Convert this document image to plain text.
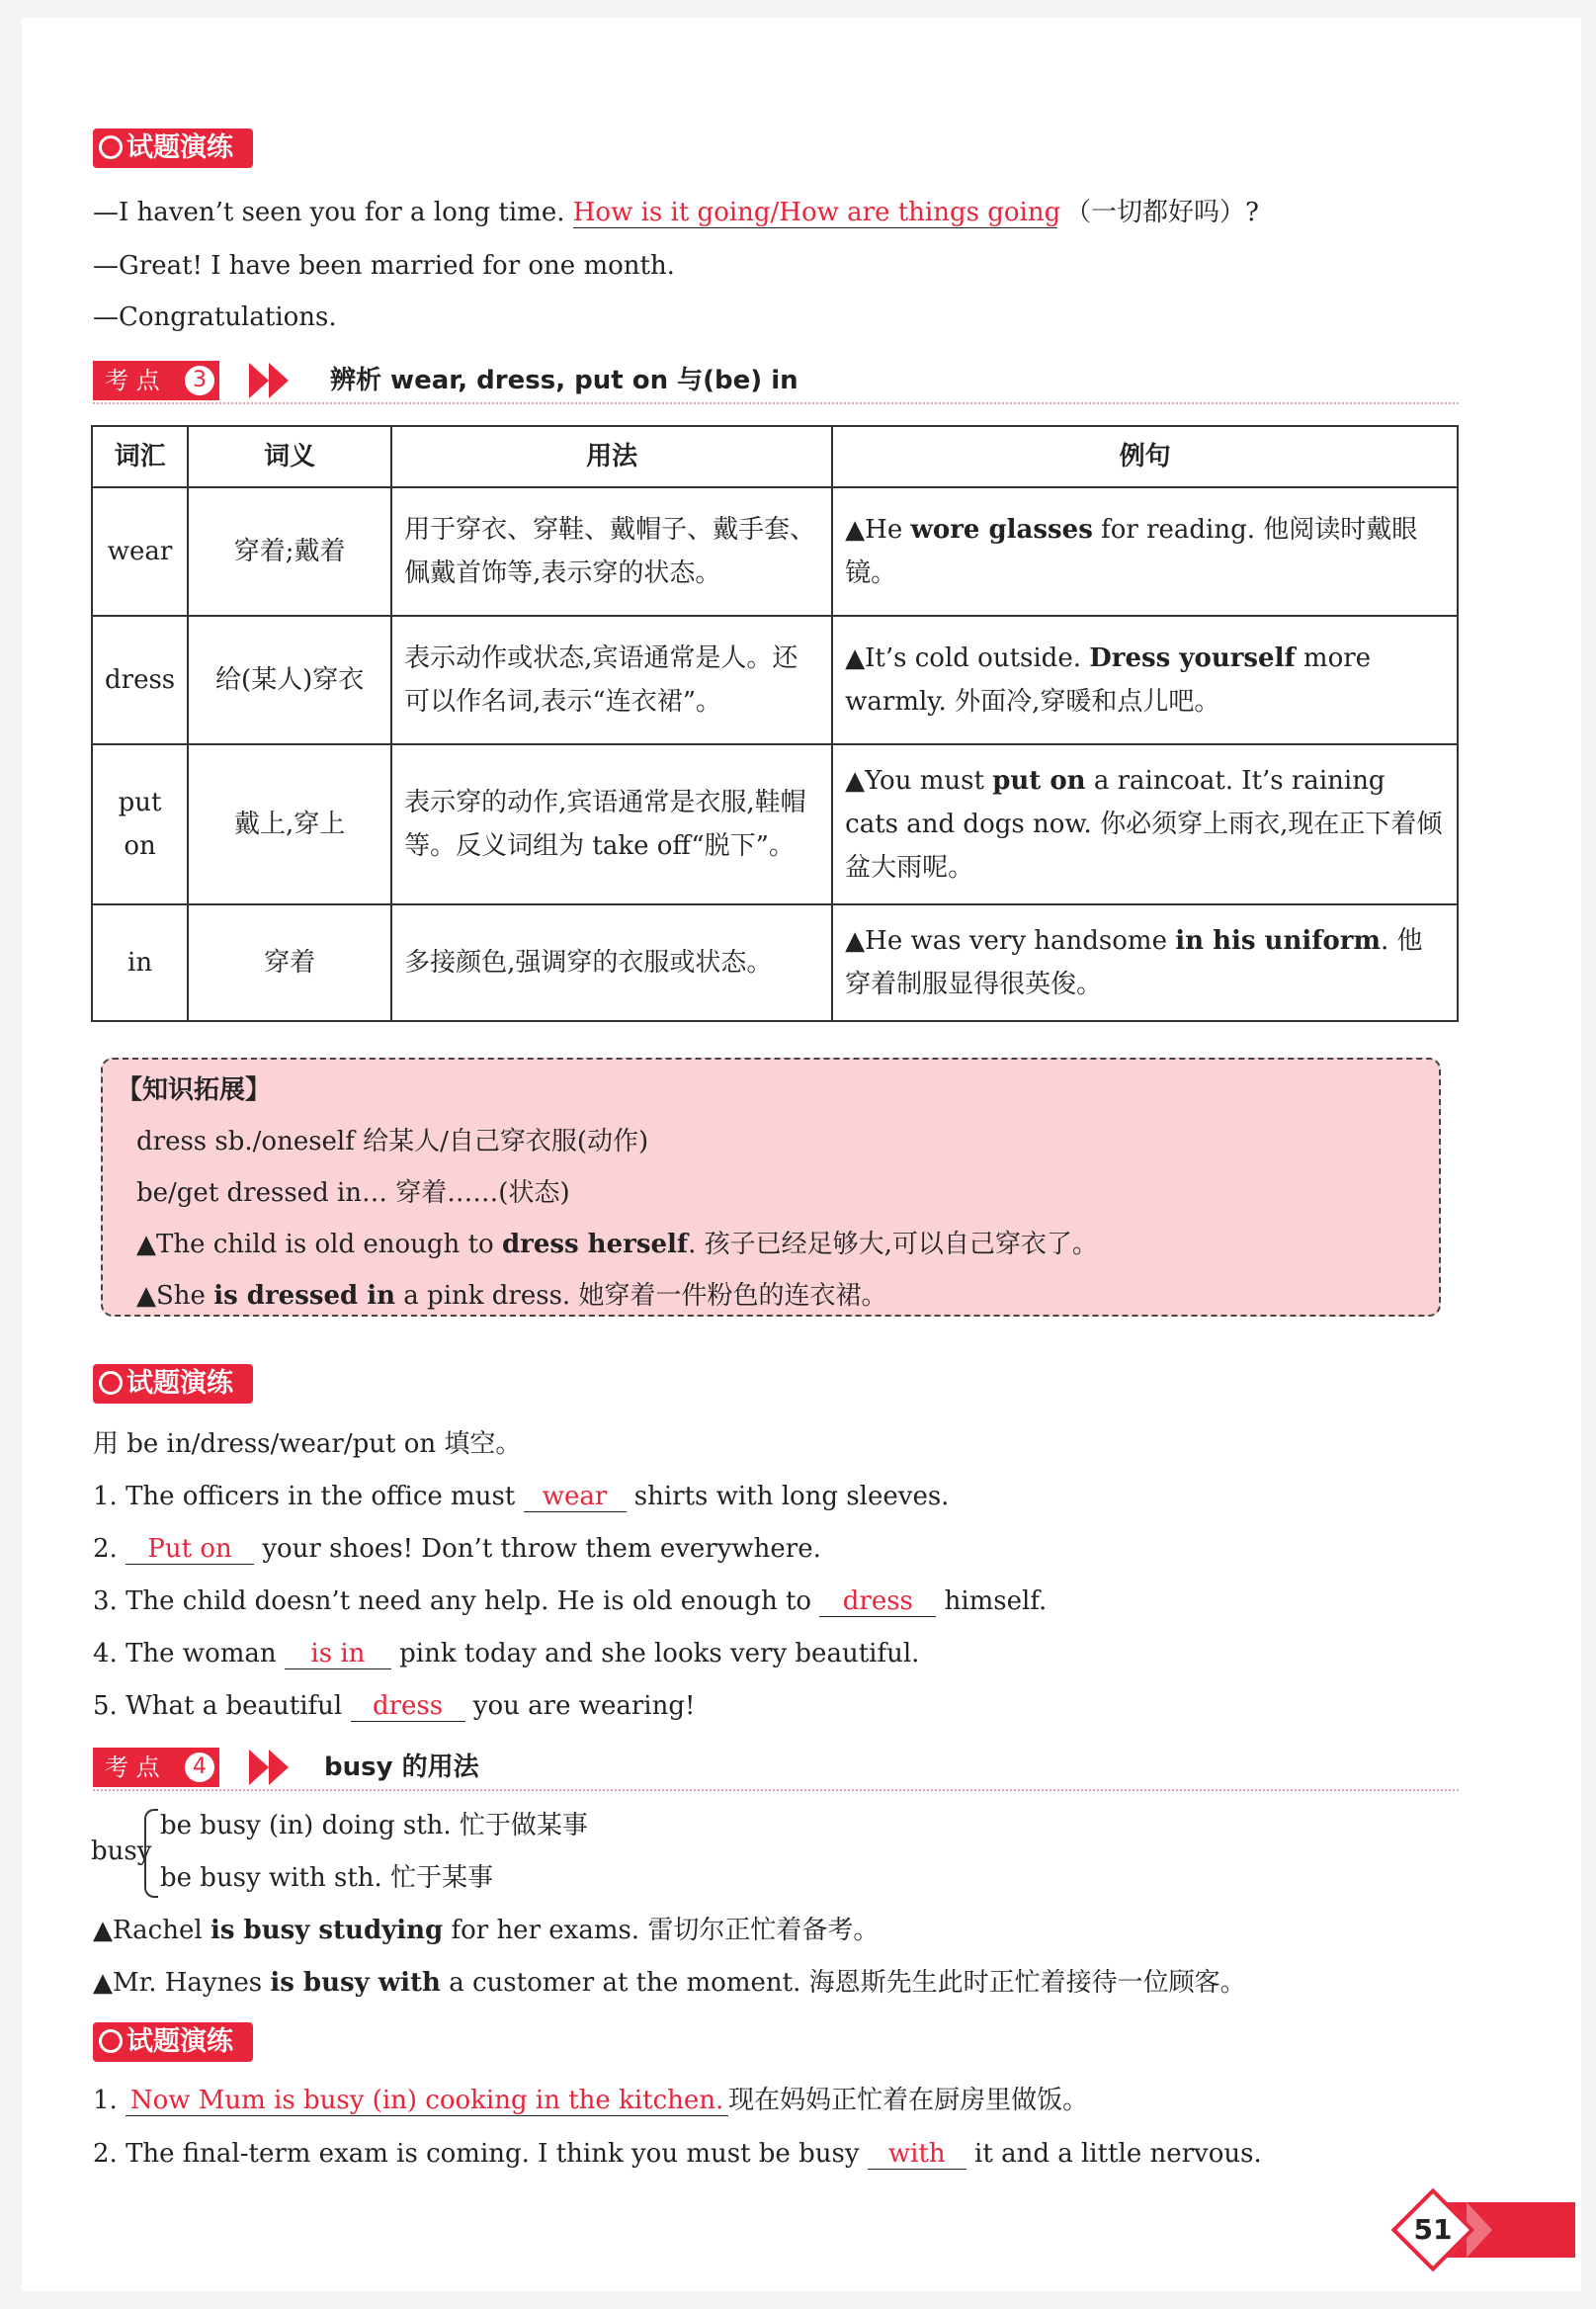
试题演练
—I haven’t seen you for a long time. How is it going/How are things going （一切都好吗）?
—Great! I have been married for one month.
—Congratulations.
考 点	3	辨析 wear, dress, put on 与(be) in
词汇	词义	用法	例句
wear	穿着;戴着	用于穿衣、穿鞋、戴帽子、戴手套、佩戴首饰等,表示穿的状态。	▲He wore glasses for reading. 他阅读时戴眼镜。
dress	给(某人)穿衣	表示动作或状态,宾语通常是人。还可以作名词,表示“连衣裙”。	▲It’s cold outside. Dress yourself more warmly. 外面冷,穿暖和点儿吧。
put on	戴上,穿上	表示穿的动作,宾语通常是衣服,鞋帽等。反义词组为 take off“脱下”。	▲You must put on a raincoat. It’s raining cats and dogs now. 你必须穿上雨衣,现在正下着倾盆大雨呢。
in	穿着	多接颜色,强调穿的衣服或状态。	▲He was very handsome in his uniform. 他穿着制服显得很英俊。
【知识拓展】
dress sb./oneself 给某人/自己穿衣服(动作)
be/get dressed in… 穿着……(状态)
▲The child is old enough to dress herself. 孩子已经足够大,可以自己穿衣了。
▲She is dressed in a pink dress. 她穿着一件粉色的连衣裙。
试题演练
用 be in/dress/wear/put on 填空。
1. The officers in the office must wear shirts with long sleeves.
2. Put on your shoes! Don’t throw them everywhere.
3. The child doesn’t need any help. He is old enough to dress himself.
4. The woman is in pink today and she looks very beautiful.
5. What a beautiful dress you are wearing!
考 点	4	busy 的用法
busy
be busy (in) doing sth. 忙于做某事
be busy with sth. 忙于某事
▲Rachel is busy studying for her exams. 雷切尔正忙着备考。
▲Mr. Haynes is busy with a customer at the moment. 海恩斯先生此时正忙着接待一位顾客。
试题演练
1. Now Mum is busy (in) cooking in the kitchen. 现在妈妈正忙着在厨房里做饭。
2. The final-term exam is coming. I think you must be busy with it and a little nervous.
51
